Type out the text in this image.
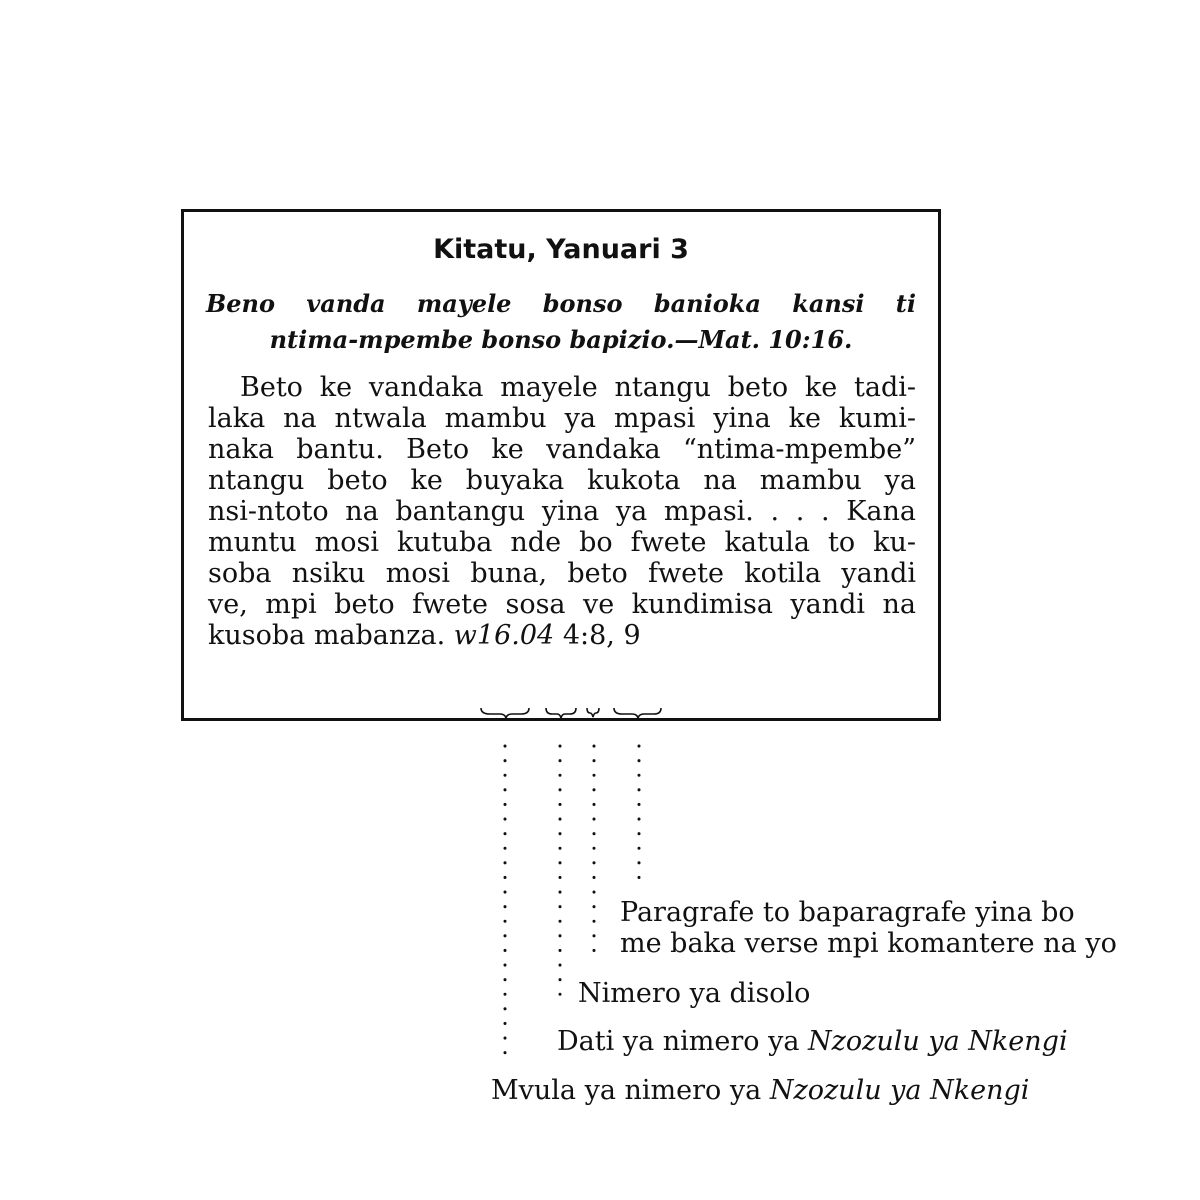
Kitatu, Yanuari 3
Beno vanda mayele bonso banioka kansi ti
ntima-mpembe bonso bapizio.—Mat. 10:16.
Beto ke vandaka mayele ntangu beto ke tadi-
laka na ntwala mambu ya mpasi yina ke kumi-
naka bantu. Beto ke vandaka “ntima-mpembe”
ntangu beto ke buyaka kukota na mambu ya
nsi-ntoto na bantangu yina ya mpasi. . . . Kana
muntu mosi kutuba nde bo fwete katula to ku-
soba nsiku mosi buna, beto fwete kotila yandi
ve, mpi beto fwete sosa ve kundimisa yandi na
kusoba mabanza. w16.04 4:8, 9
Paragrafe to baparagrafe yina bo
me baka verse mpi komantere na yo
Nimero ya disolo
Dati ya nimero ya Nzozulu ya Nkengi
Mvula ya nimero ya Nzozulu ya Nkengi
